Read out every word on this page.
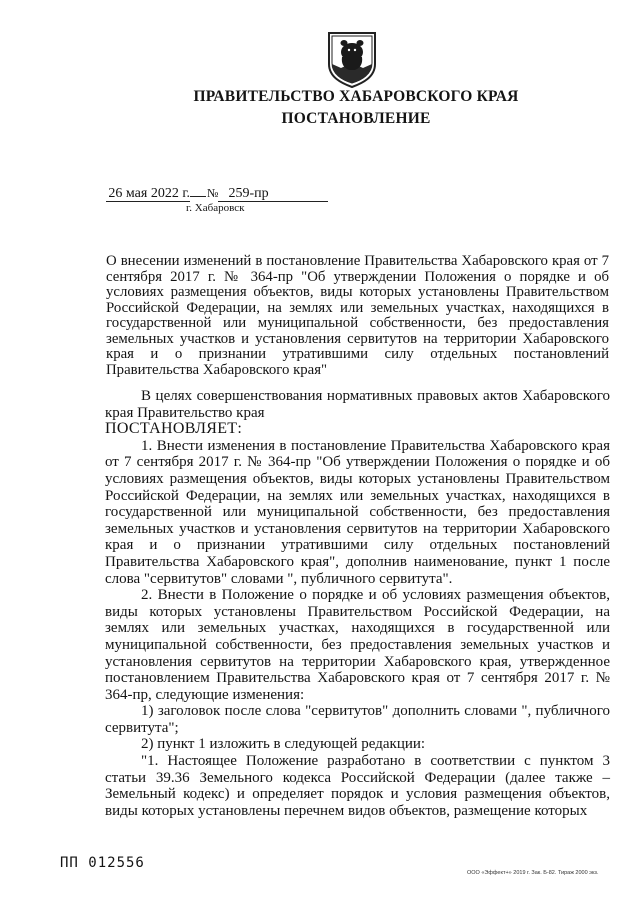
ПРАВИТЕЛЬСТВО ХАБАРОВСКОГО КРАЯ
ПОСТАНОВЛЕНИЕ
26 мая 2022 г. № 259-пр
г. Хабаровск

О внесении изменений в постановление Правительства Хабаровского края от 7 сентября 2017 г. № 364-пр "Об утверждении Положения о порядке и об условиях размещения объектов, виды которых установлены Правительством Российской Федерации, на землях или земельных участках, находящихся в государственной или муниципальной собственности, без предоставления земельных участков и установления сервитутов на территории Хабаровского края и о признании утратившими силу отдельных постановлений Правительства Хабаровского края"

В целях совершенствования нормативных правовых актов Хабаровского края Правительство края

ПОСТАНОВЛЯЕТ:

1. Внести изменения в постановление Правительства Хабаровского края от 7 сентября 2017 г. № 364-пр "Об утверждении Положения о порядке и об условиях размещения объектов, виды которых установлены Правительством Российской Федерации, на землях или земельных участках, находящихся в государственной или муниципальной собственности, без предоставления земельных участков и установления сервитутов на территории Хабаровского края и о признании утратившими силу отдельных постановлений Правительства Хабаровского края", дополнив наименование, пункт 1 после слова "сервитутов" словами ", публичного сервитута".

2. Внести в Положение о порядке и об условиях размещения объектов, виды которых установлены Правительством Российской Федерации, на землях или земельных участках, находящихся в государственной или муниципальной собственности, без предоставления земельных участков и установления сервитутов на территории Хабаровского края, утвержденное постановлением Правительства Хабаровского края от 7 сентября 2017 г. № 364-пр, следующие изменения:

1) заголовок после слова "сервитутов" дополнить словами ", публичного сервитута";

2) пункт 1 изложить в следующей редакции:

"1. Настоящее Положение разработано в соответствии с пунктом 3 статьи 39.36 Земельного кодекса Российской Федерации (далее также – Земельный кодекс) и определяет порядок и условия размещения объектов, виды которых установлены перечнем видов объектов, размещение которых

ПП 012556
ООО «Эффект+» 2019 г. Зак. Б-82. Тираж 2000 экз.
